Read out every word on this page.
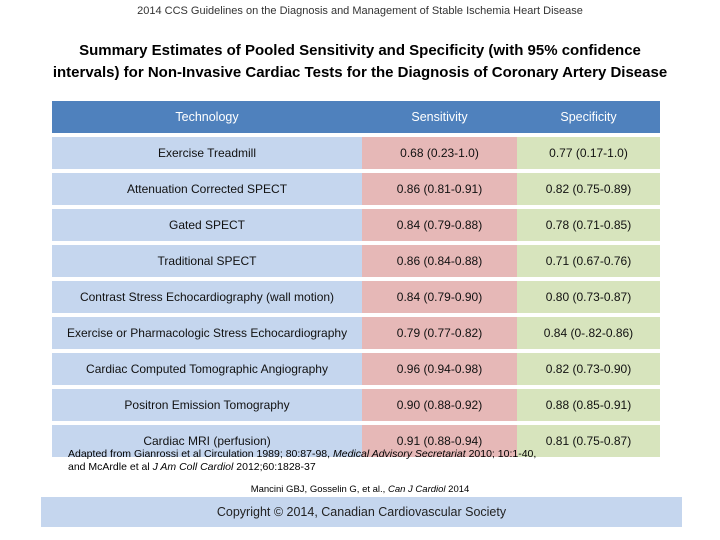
2014 CCS Guidelines on the Diagnosis and Management of Stable Ischemia Heart Disease
Summary Estimates of Pooled Sensitivity and Specificity (with 95% confidence
intervals) for Non-Invasive Cardiac Tests for the Diagnosis of Coronary Artery Disease
Technology	Sensitivity	Specificity
Exercise Treadmill	0.68 (0.23-1.0)	0.77 (0.17-1.0)
Attenuation Corrected SPECT	0.86 (0.81-0.91)	0.82 (0.75-0.89)
Gated SPECT	0.84 (0.79-0.88)	0.78 (0.71-0.85)
Traditional SPECT	0.86 (0.84-0.88)	0.71 (0.67-0.76)
Contrast Stress Echocardiography (wall motion)	0.84 (0.79-0.90)	0.80 (0.73-0.87)
Exercise or Pharmacologic Stress Echocardiography	0.79 (0.77-0.82)	0.84 (0-.82-0.86)
Cardiac Computed Tomographic Angiography	0.96 (0.94-0.98)	0.82 (0.73-0.90)
Positron Emission Tomography	0.90 (0.88-0.92)	0.88 (0.85-0.91)
Cardiac MRI (perfusion)	0.91 (0.88-0.94)	0.81 (0.75-0.87)
Adapted from Gianrossi et al Circulation 1989; 80:87-98, Medical Advisory Secretariat 2010; 10:1-40,
and McArdle et al J Am Coll Cardiol 2012;60:1828-37
Mancini GBJ, Gosselin G, et al., Can J Cardiol 2014
Copyright © 2014, Canadian Cardiovascular Society
